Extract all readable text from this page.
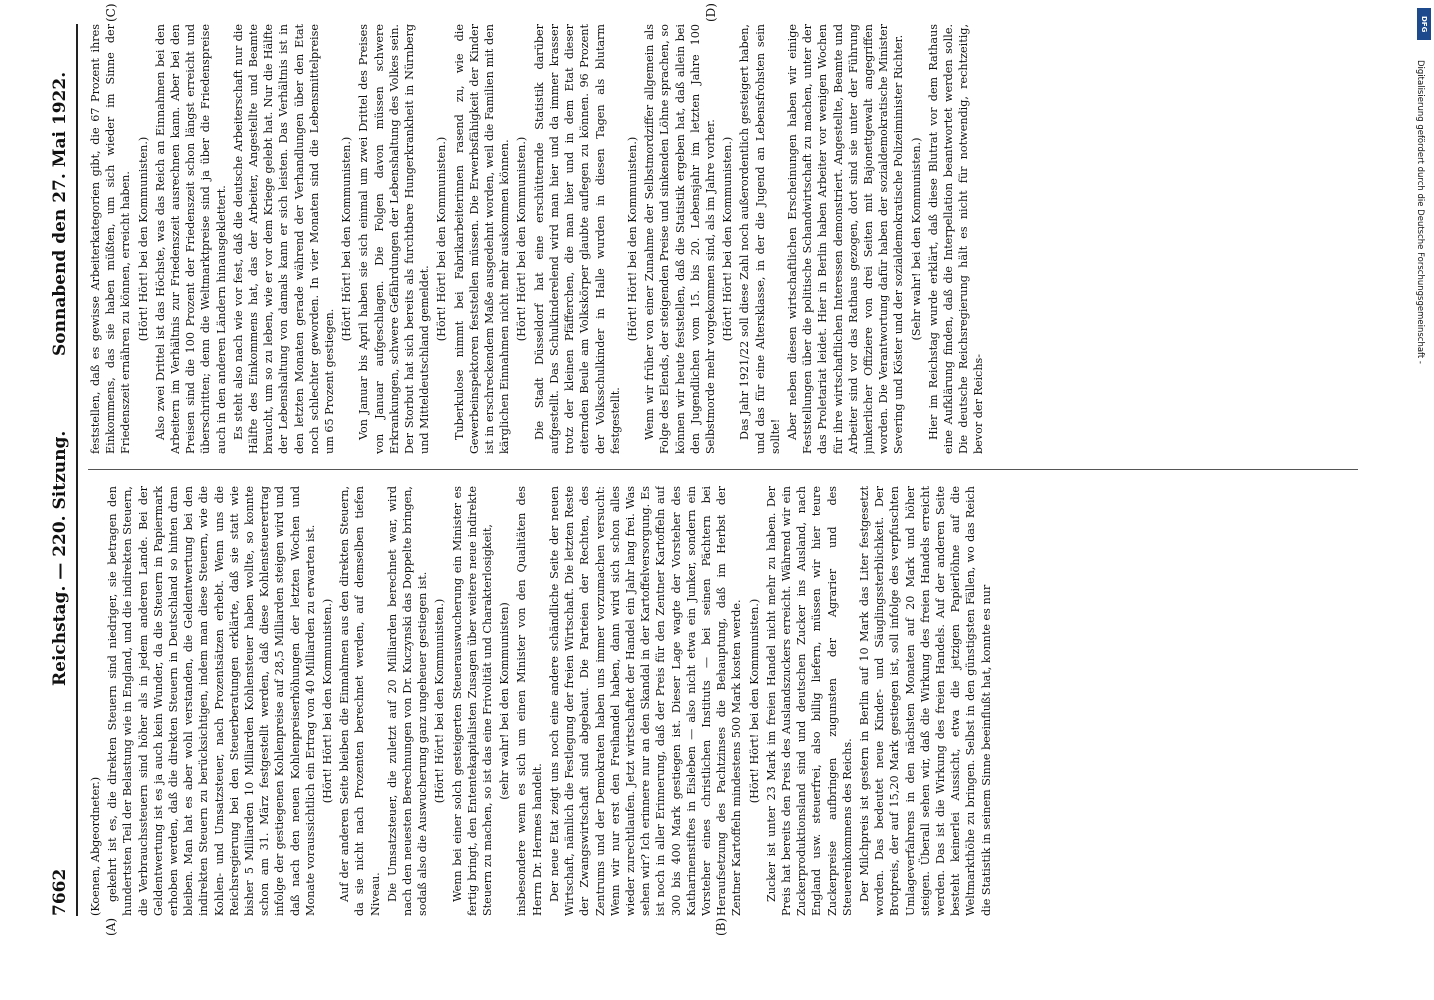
7662
Reichstag. — 220. Sitzung.
Sonnabend den 27. Mai 1922.

(Koenen, Abgeordneter.) gekehrt ist es, die direkten Steuern sind niedriger, sie betragen den hundertsten Teil der Belastung wie in England, und die indirekten Steuern, die Verbrauchssteuern sind höher als in jedem anderen Lande. Bei der Geldentwertung ist es ja auch kein Wunder, da die Steuern in Papiermark erhoben werden, daß die direkten Steuern in Deutschland so hinten dran bleiben. Man hat es aber wohl verstanden, die Geldentwertung bei den indirekten Steuern zu berücksichtigen, indem man diese Steuern, wie die Kohlen- und Umsatzsteuer, nach Prozentsätzen erhebt. Wenn uns die Reichsregierung bei den Steuerberatungen erklärte, daß sie statt wie bisher 5 Milliarden 10 Milliarden Kohlensteuer haben wollte, so konnte schon am 31. März festgestellt werden, daß diese Kohlensteuerertrag infolge der gestiegenen Kohlenpreise auf 28,5 Milliarden steigen wird und daß nach den neuen Kohlenpreiserhöhungen der letzten Wochen und Monate voraussichtlich ein Ertrag von 40 Milliarden zu erwarten ist. (Hört! Hört! bei den Kommunisten.) Auf der anderen Seite bleiben die Einnahmen aus den direkten Steuern, da sie nicht nach Prozenten berechnet werden, auf demselben tiefen Niveau. Die Umsatzsteuer, die zuletzt auf 20 Milliarden berechnet war, wird nach den neuesten Berechnungen von Dr. Kuczynski das Doppelte bringen, sodaß also die Auswucherung ganz ungeheuer gestiegen ist. (Hört! Hört! bei den Kommunisten.) Wenn bei einer solch gesteigerten Steuerauswucherung ein Minister es fertig bringt, den Ententekapitalisten Zusagen über weitere neue indirekte Steuern zu machen, so ist das eine Frivolität und Charakterlosigkeit, (sehr wahr! bei den Kommunisten) insbesondere wenn es sich um einen Minister von den Qualitäten des Herrn Dr. Hermes handelt. Der neue Etat zeigt uns noch eine andere schändliche Seite der neuen Wirtschaft, nämlich die Festlegung der freien Wirtschaft. Die letzten Reste der Zwangswirtschaft sind abgebaut. Die Parteien der Rechten, des Zentrums und der Demokraten haben uns immer vorzumachen versucht: Wenn wir nur erst den Freihandel haben, dann wird sich schon alles wieder zurechtlaufen. Jetzt wirtschaftet der Handel ein Jahr lang frei. Was sehen wir? Ich erinnere nur an den Skandal in der Kartoffelversorgung. Es ist noch in aller Erinnerung, daß der Preis für den Zentner Kartoffeln auf 300 bis 400 Mark gestiegen ist. Dieser Lage wagte der Vorsteher des Katharinenstiftes in Eisleben — also nicht etwa ein Junker, sondern ein Vorsteher eines christlichen Instituts — bei seinen Pächtern bei Heraufsetzung des Pachtzinses die Behauptung, daß im Herbst der Zentner Kartoffeln mindestens 500 Mark kosten werde. (Hört! Hört! bei den Kommunisten.) Zucker ist unter 23 Mark im freien Handel nicht mehr zu haben. Der Preis hat bereits den Preis des Auslandszuckers erreicht. Während wir ein Zuckerproduktionsland sind und deutschen Zucker ins Ausland, nach England usw. steuerfrei, also billig liefern, müssen wir hier teure Zuckerpreise aufbringen zugunsten der Agrarier und des Steuereinkommens des Reichs. Der Milchpreis ist gestern in Berlin auf 10 Mark das Liter festgesetzt worden. Das bedeutet neue Kinder- und Säuglingssterblichkeit. Der Brotpreis, der auf 15,20 Mark gestiegen ist, soll infolge des verpfuschten Umlageverfahrens in den nächsten Monaten auf 20 Mark und höher steigen. Überall sehen wir, daß die Wirkung des freien Handels erreicht werden. Das ist die Wirkung des freien Handels. Auf der anderen Seite besteht keinerlei Aussicht, etwa die jetzigen Papierlöhne auf die Weltmarkthöhe zu bringen. Selbst in den günstigsten Fällen, wo das Reich die Statistik in seinem Sinne beeinflußt hat, konnte es nur

feststellen, daß es gewisse Arbeiterkategorien gibt, die 67 Prozent ihres Einkommens, das sie haben müßten, um sich wieder im Sinne der Friedenszeit ernähren zu können, erreicht haben. (Hört! Hört! bei den Kommunisten.) Also zwei Drittel ist das Höchste, was das Reich an Einnahmen bei den Arbeitern im Verhältnis zur Friedenszeit ausrechnen kann. Aber bei den Preisen sind die 100 Prozent der Friedenszeit schon längst erreicht und überschritten; denn die Weltmarktpreise sind ja über die Friedenspreise auch in den anderen Ländern hinausgeklettert. Es steht also nach wie vor fest, daß die deutsche Arbeiterschaft nur die Hälfte des Einkommens hat, das der Arbeiter, Angestellte und Beamte braucht, um so zu leben, wie er vor dem Kriege gelebt hat. Nur die Hälfte der Lebenshaltung von damals kann er sich leisten. Das Verhältnis ist in den letzten Monaten gerade während der Verhandlungen über den Etat noch schlechter geworden. In vier Monaten sind die Lebensmittelpreise um 65 Prozent gestiegen.

(Hört! Hört! bei den Kommunisten.) Von Januar bis April haben sie sich einmal um zwei Drittel des Preises von Januar aufgeschlagen. Die Folgen davon müssen schwere Erkrankungen, schwere Gefährdungen der Lebenshaltung des Volkes sein. Der Storbut hat sich bereits als furchtbare Hungerkrankheit in Nürnberg und Mitteldeutschland gemeldet.

(Hört! Hört! bei den Kommunisten.) Tuberkulose nimmt bei Fabrikarbeiterinnen rasend zu, wie die Gewerbeinspektoren feststellen müssen. Die Erwerbsfähigkeit der Kinder ist in erschreckendem Maße ausgedehnt worden, weil die Familien mit den kärglichen Einnahmen nicht mehr auskommen können. (Hört! Hört! bei den Kommunisten.) Die Stadt Düsseldorf hat eine erschütternde Statistik darüber aufgestellt. Das Schulkinderelend wird man hier und da immer krasser trotz der kleinen Pfäfferchen, die man hier und in dem Etat dieser eiternden Beule am Volkskörper glaubte auflegen zu können. 96 Prozent der Volksschulkinder in Halle wurden in diesen Tagen als blutarm festgestellt.

(Hört! Hört! bei den Kommunisten.) Wenn wir früher von einer Zunahme der Selbstmordziffer allgemein als Folge des Elends, der steigenden Preise und sinkenden Löhne sprachen, so können wir heute feststellen, daß die Statistik ergeben hat, daß allein bei den Jugendlichen vom 15. bis 20. Lebensjahr im letzten Jahre 100 Selbstmorde mehr vorgekommen sind, als im Jahre vorher. (Hört! Hört! bei den Kommunisten.) Das Jahr 1921/22 soll diese Zahl noch außerordentlich gesteigert haben, und das für eine Altersklasse, in der die Jugend an Lebensfrohsten sein sollte! Aber neben diesen wirtschaftlichen Erscheinungen haben wir einige Feststellungen über die politische Schandwirtschaft zu machen, unter der das Proletariat leidet. Hier in Berlin haben Arbeiter vor wenigen Wochen für ihre wirtschaftlichen Interessen demonstriert. Angestellte, Beamte und Arbeiter sind vor das Rathaus gezogen, dort sind sie unter der Führung junkerlicher Offiziere von drei Seiten mit Bajonettgewalt angegriffen worden. Die Verantwortung dafür haben der sozialdemokratische Minister Severing und Köster und der sozialdemokratische Polizeiminister Richter. (Sehr wahr! bei den Kommunisten.) Hier im Reichstag wurde erklärt, daß diese Blutrat vor dem Rathaus eine Aufklärung finden, daß die Interpellation beantwortet werden solle. Die deutsche Reichsregierung hält es nicht für notwendig, rechtzeitig, bevor der Reichs-

(A)	(B)
(C)	(D)
DFG
Digitalisierung gefördert durch die Deutsche Forschungsgemeinschaft -
